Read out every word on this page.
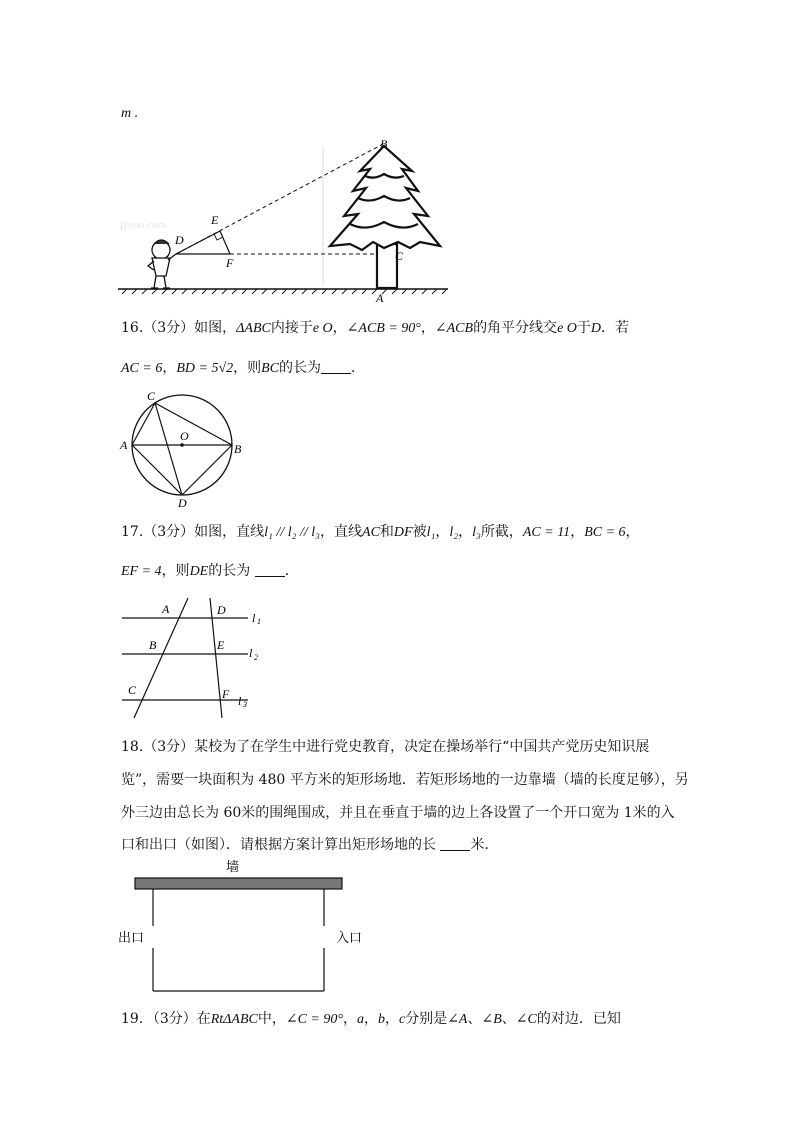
m .
jyeoo.com
B
E
D
F	C
A
16.（3分）如图，ΔABC内接于e O，∠ACB = 90°，∠ACB的角平分线交e O于D．若
AC = 6，BD = 5√2，则BC的长为 ．
C
A
O
B
D
17.（3分）如图，直线l₁ // l₂ // l₃，直线AC和DF被l₁，l₂，l₃所截，AC = 11，BC = 6，
EF = 4，则DE的长为 ．
A	D
l 1
B	E
l 2
C	F l 3
18.（3分）某校为了在学生中进行党史教育，决定在操场举行“中国共产党历史知识展
览”，需要一块面积为 480 平方米的矩形场地．若矩形场地的一边靠墙（墙的长度足够），另
外三边由总长为 60米的围绳围成，并且在垂直于墙的边上各设置了一个开口宽为 1米的入
口和出口（如图）．请根据方案计算出矩形场地的长 米．
墙
出口	入口
19．（3分）在RtΔABC中，∠C = 90°，a，b，c分别是∠A、∠B、∠C的对边．已知
